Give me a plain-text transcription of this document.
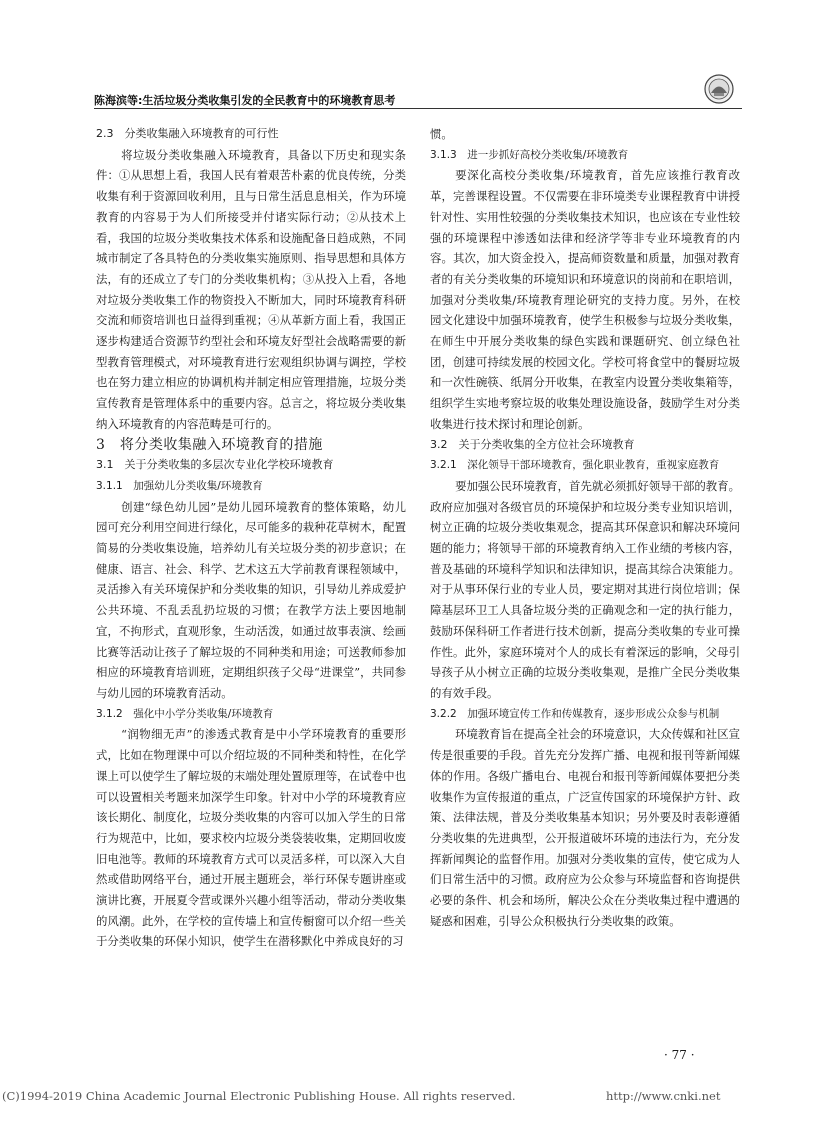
陈海滨等:生活垃圾分类收集引发的全民教育中的环境教育思考

2.3　分类收集融入环境教育的可行性

将垃圾分类收集融入环境教育，具备以下历史和现实条件：①从思想上看，我国人民有着艰苦朴素的优良传统，分类收集有利于资源回收利用，且与日常生活息息相关，作为环境教育的内容易于为人们所接受并付诸实际行动；②从技术上看，我国的垃圾分类收集技术体系和设施配备日趋成熟，不同城市制定了各具特色的分类收集实施原则、指导思想和具体方法，有的还成立了专门的分类收集机构；③从投入上看，各地对垃圾分类收集工作的物资投入不断加大，同时环境教育科研交流和师资培训也日益得到重视；④从革新方面上看，我国正逐步构建适合资源节约型社会和环境友好型社会战略需要的新型教育管理模式，对环境教育进行宏观组织协调与调控，学校也在努力建立相应的协调机构并制定相应管理措施，垃圾分类宣传教育是管理体系中的重要内容。总言之，将垃圾分类收集纳入环境教育的内容范畴是可行的。

3　将分类收集融入环境教育的措施

3.1　关于分类收集的多层次专业化学校环境教育

3.1.1　加强幼儿分类收集/环境教育

创建“绿色幼儿园”是幼儿园环境教育的整体策略，幼儿园可充分利用空间进行绿化，尽可能多的栽种花草树木，配置简易的分类收集设施，培养幼儿有关垃圾分类的初步意识；在健康、语言、社会、科学、艺术这五大学前教育课程领域中，灵活掺入有关环境保护和分类收集的知识，引导幼儿养成爱护公共环境、不乱丢乱扔垃圾的习惯；在教学方法上要因地制宜，不拘形式，直观形象，生动活泼，如通过故事表演、绘画比赛等活动让孩子了解垃圾的不同种类和用途；可送教师参加相应的环境教育培训班，定期组织孩子父母“进课堂”，共同参与幼儿园的环境教育活动。

3.1.2　强化中小学分类收集/环境教育

“润物细无声”的渗透式教育是中小学环境教育的重要形式，比如在物理课中可以介绍垃圾的不同种类和特性，在化学课上可以使学生了解垃圾的末端处理处置原理等，在试卷中也可以设置相关考题来加深学生印象。针对中小学的环境教育应该长期化、制度化，垃圾分类收集的内容可以加入学生的日常行为规范中，比如，要求校内垃圾分类袋装收集，定期回收废旧电池等。教师的环境教育方式可以灵活多样，可以深入大自然或借助网络平台，通过开展主题班会，举行环保专题讲座或演讲比赛，开展夏令营或课外兴趣小组等活动，带动分类收集的风潮。此外，在学校的宣传墙上和宣传橱窗可以介绍一些关于分类收集的环保小知识，使学生在潜移默化中养成良好的习

惯。

3.1.3　进一步抓好高校分类收集/环境教育

要深化高校分类收集/环境教育，首先应该推行教育改革，完善课程设置。不仅需要在非环境类专业课程教育中讲授针对性、实用性较强的分类收集技术知识，也应该在专业性较强的环境课程中渗透如法律和经济学等非专业环境教育的内容。其次，加大资金投入，提高师资数量和质量，加强对教育者的有关分类收集的环境知识和环境意识的岗前和在职培训，加强对分类收集/环境教育理论研究的支持力度。另外，在校园文化建设中加强环境教育，使学生积极参与垃圾分类收集，在师生中开展分类收集的绿色实践和课题研究、创立绿色社团，创建可持续发展的校园文化。学校可将食堂中的餐厨垃圾和一次性碗筷、纸屑分开收集，在教室内设置分类收集箱等，组织学生实地考察垃圾的收集处理设施设备，鼓励学生对分类收集进行技术探讨和理论创新。

3.2　关于分类收集的全方位社会环境教育

3.2.1　深化领导干部环境教育，强化职业教育，重视家庭教育

要加强公民环境教育，首先就必须抓好领导干部的教育。政府应加强对各级官员的环境保护和垃圾分类专业知识培训，树立正确的垃圾分类收集观念，提高其环保意识和解决环境问题的能力；将领导干部的环境教育纳入工作业绩的考核内容，普及基础的环境科学知识和法律知识，提高其综合决策能力。对于从事环保行业的专业人员，要定期对其进行岗位培训；保障基层环卫工人具备垃圾分类的正确观念和一定的执行能力，鼓励环保科研工作者进行技术创新，提高分类收集的专业可操作性。此外，家庭环境对个人的成长有着深远的影响，父母引导孩子从小树立正确的垃圾分类收集观，是推广全民分类收集的有效手段。

3.2.2　加强环境宣传工作和传媒教育，逐步形成公众参与机制

环境教育旨在提高全社会的环境意识，大众传媒和社区宣传是很重要的手段。首先充分发挥广播、电视和报刊等新闻媒体的作用。各级广播电台、电视台和报刊等新闻媒体要把分类收集作为宣传报道的重点，广泛宣传国家的环境保护方针、政策、法律法规，普及分类收集基本知识；另外要及时表彰遵循分类收集的先进典型，公开报道破坏环境的违法行为，充分发挥新闻舆论的监督作用。加强对分类收集的宣传，使它成为人们日常生活中的习惯。政府应为公众参与环境监督和咨询提供必要的条件、机会和场所，解决公众在分类收集过程中遭遇的疑惑和困难，引导公众积极执行分类收集的政策。

· 77 ·
(C)1994-2019 China Academic Journal Electronic Publishing House. All rights reserved.	http://www.cnki.net
